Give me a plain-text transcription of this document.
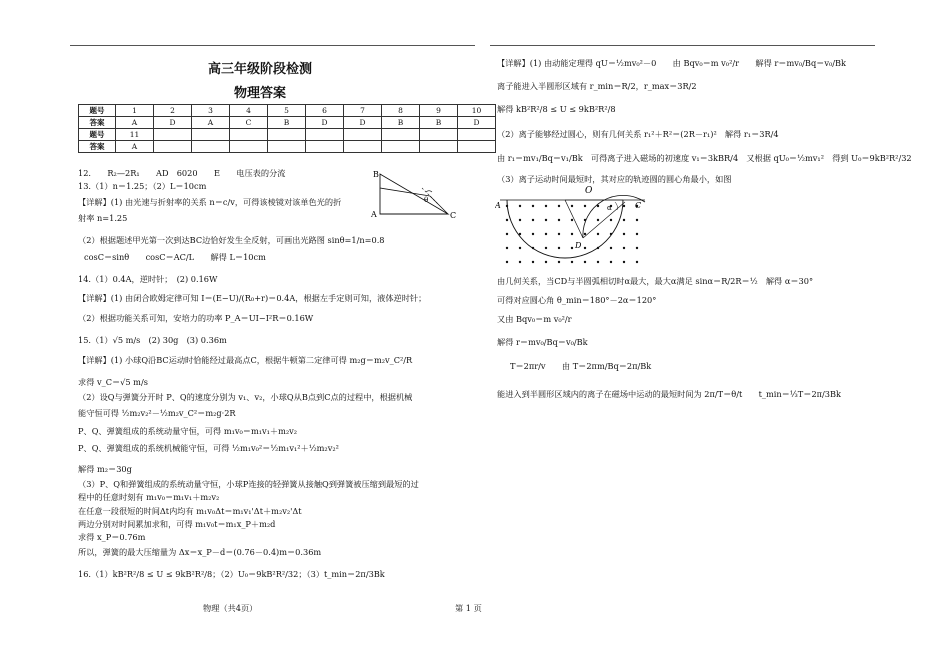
高三年级阶段检测
物理答案
题号	1	2	3	4	5	6	7	8	9	10
答案	A	D	A	C	B	D	D	B	B	D
题号	11									
答案	A									
12.　　R₂—2R₁　　AD　6020　　E　　电压表的分流
13.（1）n＝1.25；（2）L＝10cm
【详解】(1) 由光速与折射率的关系 n＝c/v，可得该棱镜对该单色光的折
射率 n=1.25
（2）根据题述甲光第一次到达BC边恰好发生全反射，可画出光路图 sinθ=1/n=0.8
cosC＝sinθ　　cosC＝AC/L　　解得 L＝10cm
14.（1）0.4A，逆时针；　(2) 0.16W
【详解】(1) 由闭合欧姆定律可知 I＝(E−U)/(R₀+r)＝0.4A，根据左手定则可知，液体逆时针；
（2）根据功能关系可知，安培力的功率 P_A＝UI−I²R＝0.16W
15.（1）√5 m/s　(2) 30g　(3) 0.36m
【详解】(1) 小球Q沿BC运动时恰能经过最高点C，根据牛顿第二定律可得 m₂g＝m₂v_C²/R
求得 v_C＝√5 m/s
（2）设Q与弹簧分开时 P、Q的速度分别为 v₁、v₂，小球Q从B点到C点的过程中，根据机械
能守恒可得 ½m₂v₂²－½m₂v_C²＝m₂g·2R
P、Q、弹簧组成的系统动量守恒，可得 m₁v₀＝m₁v₁＋m₂v₂
P、Q、弹簧组成的系统机械能守恒，可得 ½m₁v₀²＝½m₁v₁²＋½m₂v₂²
解得 m₂＝30g
（3）P、Q和弹簧组成的系统动量守恒，小球P连接的轻弹簧从接触Q到弹簧被压缩到最短的过
程中的任意时刻有 m₁v₀＝m₁v₁＋m₂v₂
在任意一段很短的时间Δt内均有 m₁v₀Δt＝m₁v₁'Δt＋m₂v₂'Δt
两边分别对时间累加求和，可得 m₁v₀t＝m₁x_P＋m₂d
求得 x_P＝0.76m
所以，弹簧的最大压缩量为 Δx＝x_P－d＝(0.76－0.4)m＝0.36m
16.（1）kB²R²/8 ≤ U ≤ 9kB²R²/8；（2）U₀＝9kB²R²/32；（3）t_min＝2π/3Bk
物理（共4页）
B
A	C
θ
【详解】(1) 由动能定理得 qU＝½mv₀²－0　　由 Bqv₀＝m v₀²/r　　解得 r＝mv₀/Bq＝v₀/Bk
离子能进入半圆形区域有 r_min＝R/2，r_max＝3R/2
解得 kB²R²/8 ≤ U ≤ 9kB²R²/8
（2）离子能够经过圆心，则有几何关系 r₁²＋R²＝(2R－r₁)²　解得 r₁＝3R/4
由 r₁＝mv₁/Bq＝v₁/Bk　可得离子进入磁场的初速度 v₁＝3kBR/4　又根据 qU₀＝½mv₁²　得到 U₀＝9kB²R²/32
（3）离子运动时间最短时，其对应的轨迹圆的圆心角最小，如图
由几何关系，当CD与半圆弧相切时α最大，最大α满足 sinα＝R/2R＝½　解得 α＝30°
可得对应圆心角 θ_min＝180°－2α＝120°
又由 Bqv₀＝m v₀²/r
解得 r＝mv₀/Bq＝v₀/Bk
T＝2πr/v　　由 T＝2πm/Bq＝2π/Bk
能进入到半圆形区域内的离子在磁场中运动的最短时间为 2π/T＝θ/t　　t_min＝⅓T＝2π/3Bk
第 1 页
O
A	C
D
α
